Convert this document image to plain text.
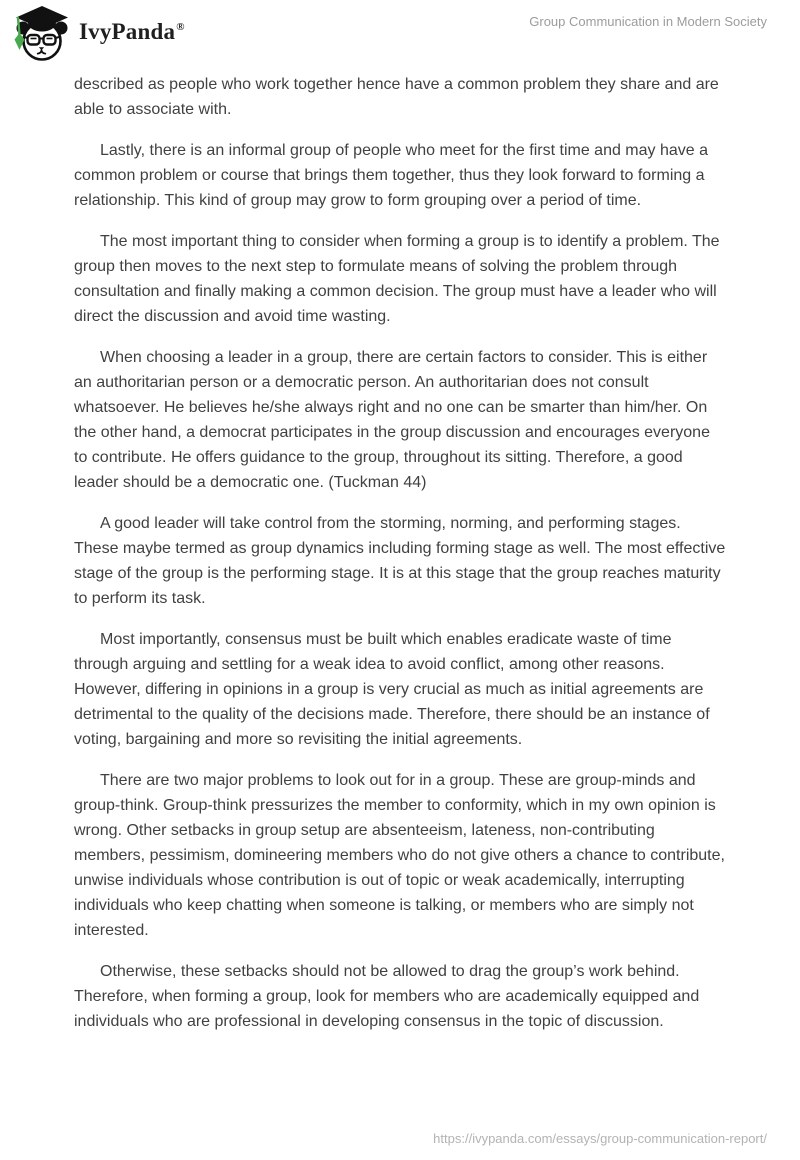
IvyPanda®	Group Communication in Modern Society

described as people who work together hence have a common problem they share and are able to associate with.

Lastly, there is an informal group of people who meet for the first time and may have a common problem or course that brings them together, thus they look forward to forming a relationship. This kind of group may grow to form grouping over a period of time.

The most important thing to consider when forming a group is to identify a problem. The group then moves to the next step to formulate means of solving the problem through consultation and finally making a common decision. The group must have a leader who will direct the discussion and avoid time wasting.

When choosing a leader in a group, there are certain factors to consider. This is either an authoritarian person or a democratic person. An authoritarian does not consult whatsoever. He believes he/she always right and no one can be smarter than him/her. On the other hand, a democrat participates in the group discussion and encourages everyone to contribute. He offers guidance to the group, throughout its sitting. Therefore, a good leader should be a democratic one. (Tuckman 44)

A good leader will take control from the storming, norming, and performing stages. These maybe termed as group dynamics including forming stage as well. The most effective stage of the group is the performing stage. It is at this stage that the group reaches maturity to perform its task.

Most importantly, consensus must be built which enables eradicate waste of time through arguing and settling for a weak idea to avoid conflict, among other reasons. However, differing in opinions in a group is very crucial as much as initial agreements are detrimental to the quality of the decisions made. Therefore, there should be an instance of voting, bargaining and more so revisiting the initial agreements.

There are two major problems to look out for in a group. These are group-minds and group-think. Group-think pressurizes the member to conformity, which in my own opinion is wrong. Other setbacks in group setup are absenteeism, lateness, non-contributing members, pessimism, domineering members who do not give others a chance to contribute, unwise individuals whose contribution is out of topic or weak academically, interrupting individuals who keep chatting when someone is talking, or members who are simply not interested.

Otherwise, these setbacks should not be allowed to drag the group’s work behind. Therefore, when forming a group, look for members who are academically equipped and individuals who are professional in developing consensus in the topic of discussion.

https://ivypanda.com/essays/group-communication-report/
